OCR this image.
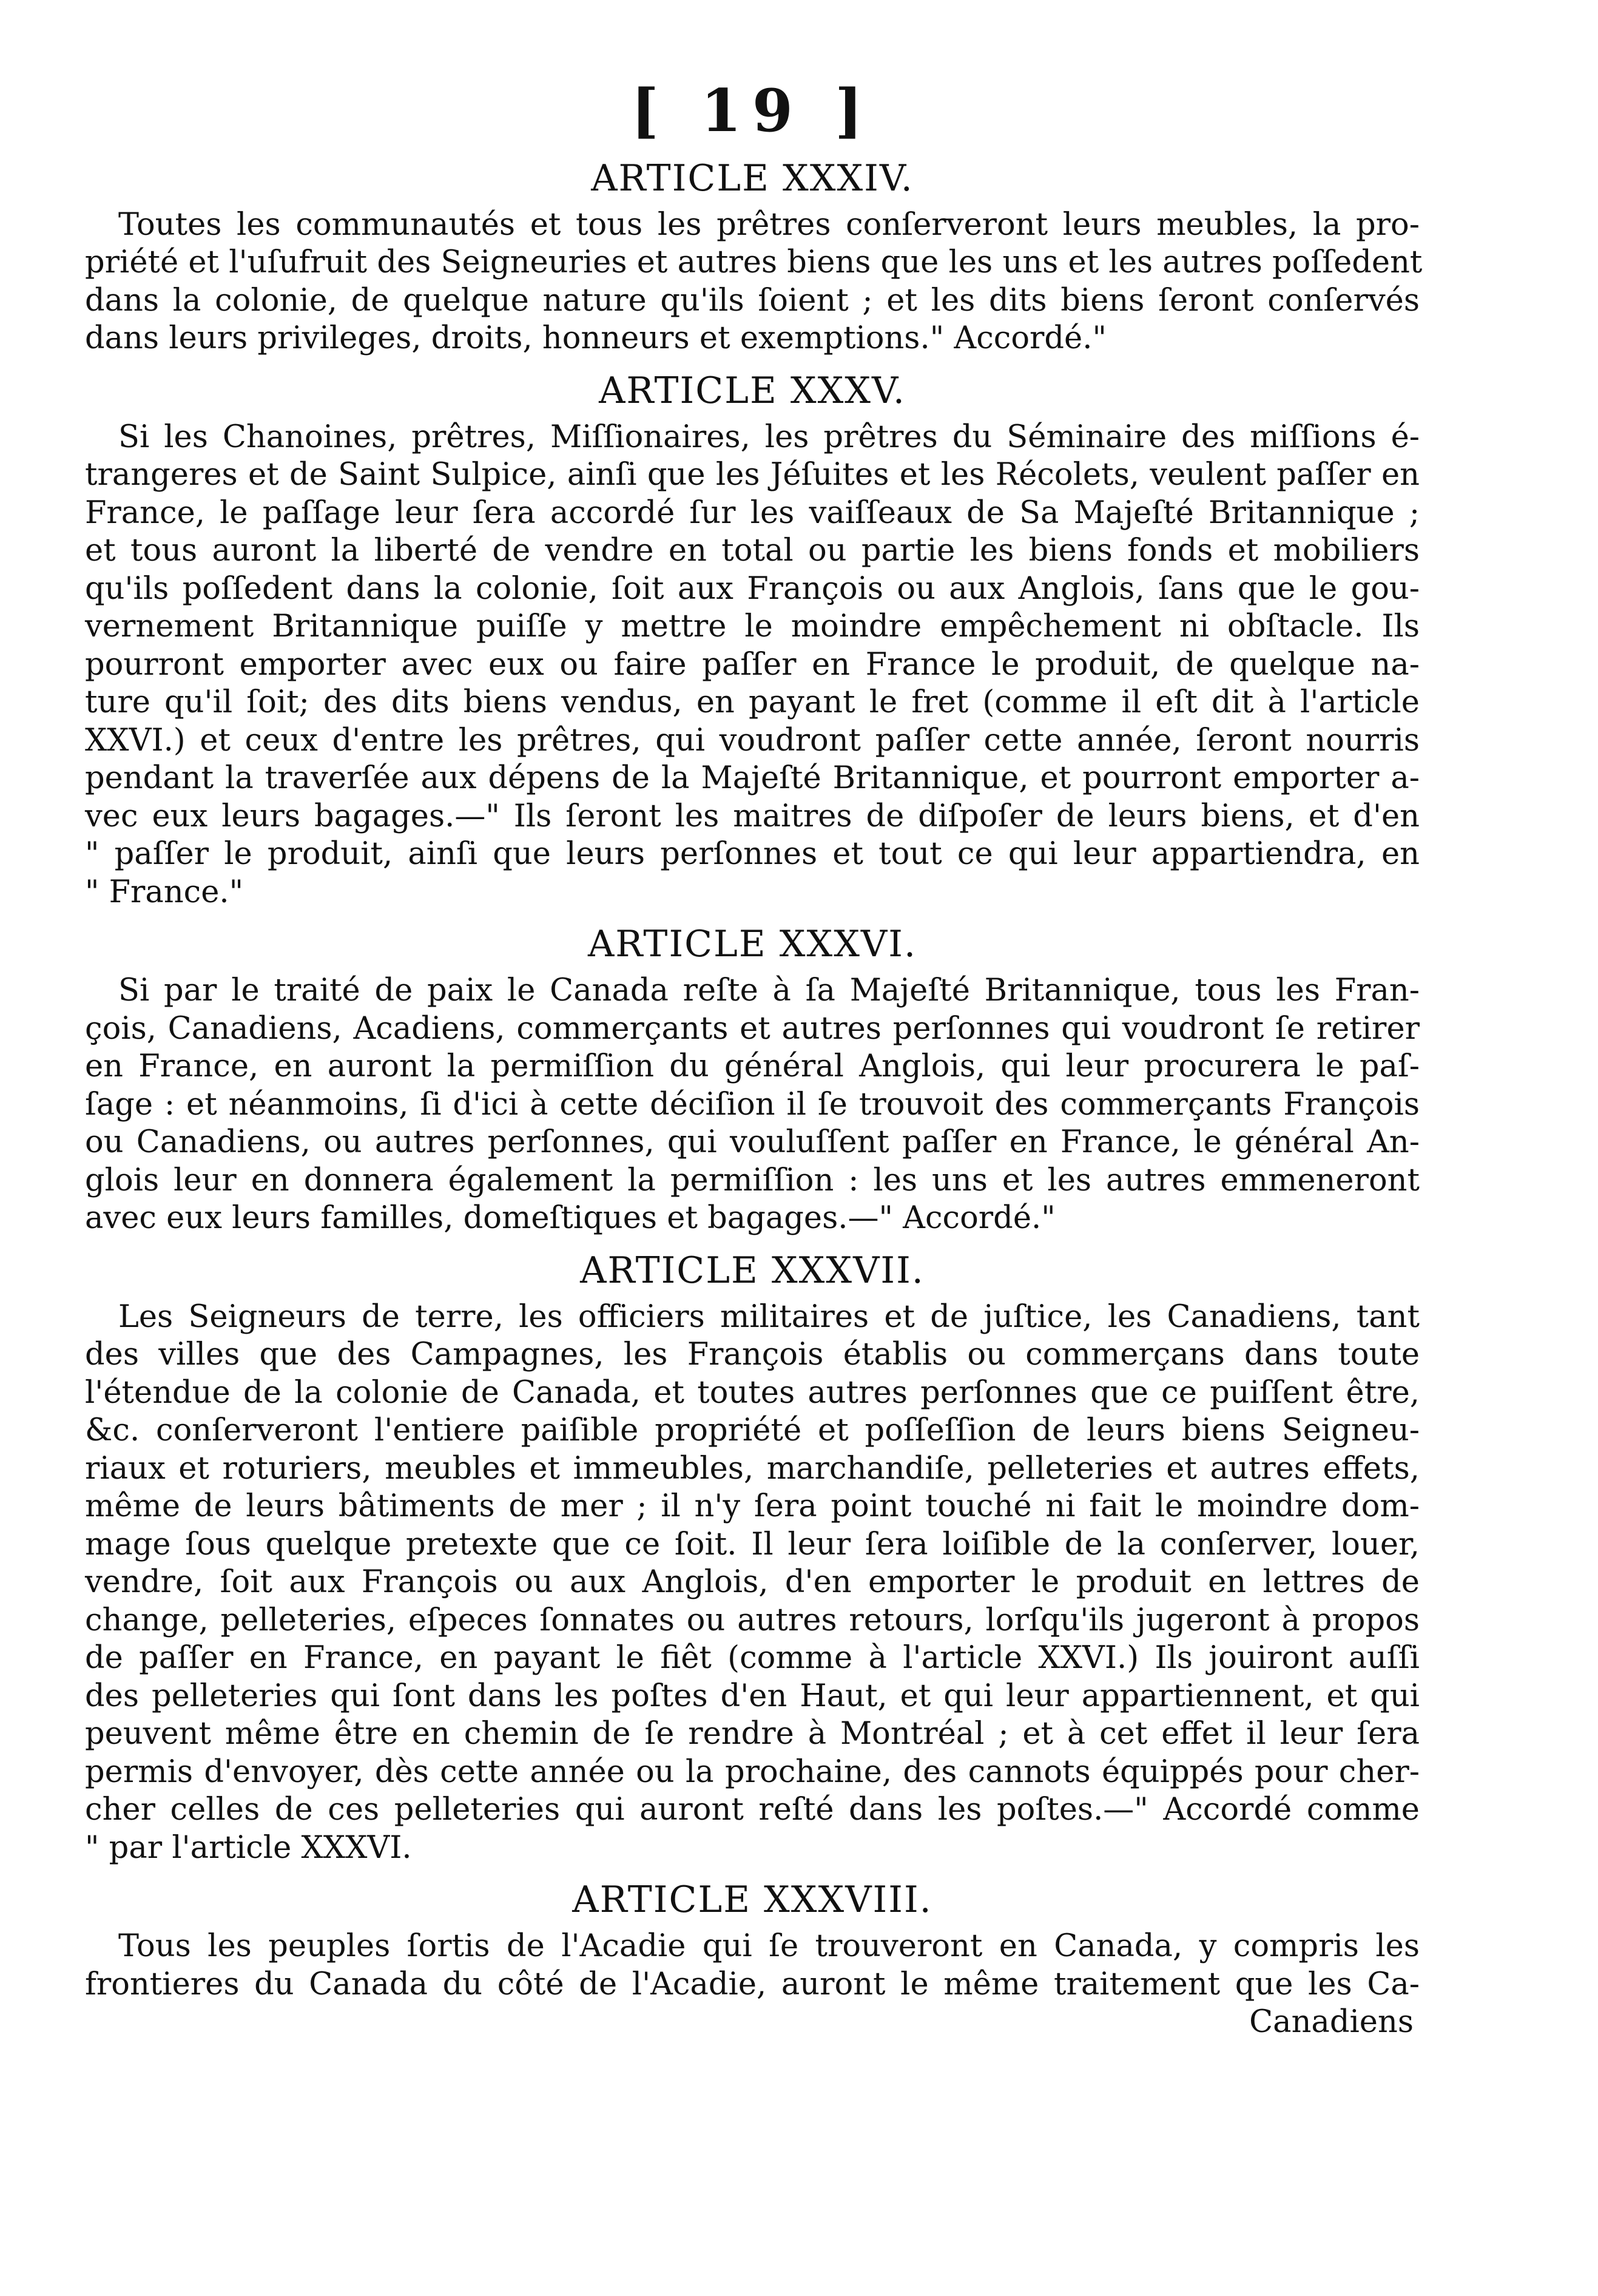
[ 19 ]
ARTICLE XXXIV.
Toutes les communautés et tous les prêtres conſerveront leurs meubles, la pro-
priété et l'uſufruit des Seigneuries et autres biens que les uns et les autres poſſedent
dans la colonie, de quelque nature qu'ils ſoient ; et les dits biens ſeront conſervés
dans leurs privileges, droits, honneurs et exemptions." Accordé."
ARTICLE XXXV.
Si les Chanoines, prêtres, Miſſionaires, les prêtres du Séminaire des miſſions é-
trangeres et de Saint Sulpice, ainſi que les Jéſuites et les Récolets, veulent paſſer en
France, le paſſage leur ſera accordé ſur les vaiſſeaux de Sa Majeſté Britannique ;
et tous auront la liberté de vendre en total ou partie les biens fonds et mobiliers
qu'ils poſſedent dans la colonie, ſoit aux François ou aux Anglois, ſans que le gou-
vernement Britannique puiſſe y mettre le moindre empêchement ni obſtacle. Ils
pourront emporter avec eux ou faire paſſer en France le produit, de quelque na-
ture qu'il ſoit; des dits biens vendus, en payant le fret (comme il eſt dit à l'article
XXVI.) et ceux d'entre les prêtres, qui voudront paſſer cette année, ſeront nourris
pendant la traverſée aux dépens de la Majeſté Britannique, et pourront emporter a-
vec eux leurs bagages.—" Ils ſeront les maitres de diſpoſer de leurs biens, et d'en
" paſſer le produit, ainſi que leurs perſonnes et tout ce qui leur appartiendra, en
" France."
ARTICLE XXXVI.
Si par le traité de paix le Canada reſte à ſa Majeſté Britannique, tous les Fran-
çois, Canadiens, Acadiens, commerçants et autres perſonnes qui voudront ſe retirer
en France, en auront la permiſſion du général Anglois, qui leur procurera le paſ-
ſage : et néanmoins, ſi d'ici à cette déciſion il ſe trouvoit des commerçants François
ou Canadiens, ou autres perſonnes, qui vouluſſent paſſer en France, le général An-
glois leur en donnera également la permiſſion : les uns et les autres emmeneront
avec eux leurs familles, domeſtiques et bagages.—" Accordé."
ARTICLE XXXVII.
Les Seigneurs de terre, les officiers militaires et de juſtice, les Canadiens, tant
des villes que des Campagnes, les François établis ou commerçans dans toute
l'étendue de la colonie de Canada, et toutes autres perſonnes que ce puiſſent être,
&c. conſerveront l'entiere paiſible propriété et poſſeſſion de leurs biens Seigneu-
riaux et roturiers, meubles et immeubles, marchandiſe, pelleteries et autres effets,
même de leurs bâtiments de mer ; il n'y ſera point touché ni fait le moindre dom-
mage ſous quelque pretexte que ce ſoit. Il leur ſera loiſible de la conſerver, louer,
vendre, ſoit aux François ou aux Anglois, d'en emporter le produit en lettres de
change, pelleteries, eſpeces ſonnates ou autres retours, lorſqu'ils jugeront à propos
de paſſer en France, en payant le fiêt (comme à l'article XXVI.) Ils jouiront auſſi
des pelleteries qui ſont dans les poſtes d'en Haut, et qui leur appartiennent, et qui
peuvent même être en chemin de ſe rendre à Montréal ; et à cet effet il leur ſera
permis d'envoyer, dès cette année ou la prochaine, des cannots équippés pour cher-
cher celles de ces pelleteries qui auront reſté dans les poſtes.—" Accordé comme
" par l'article XXXVI.
ARTICLE XXXVIII.
Tous les peuples ſortis de l'Acadie qui ſe trouveront en Canada, y compris les
frontieres du Canada du côté de l'Acadie, auront le même traitement que les Ca-
Canadiens
